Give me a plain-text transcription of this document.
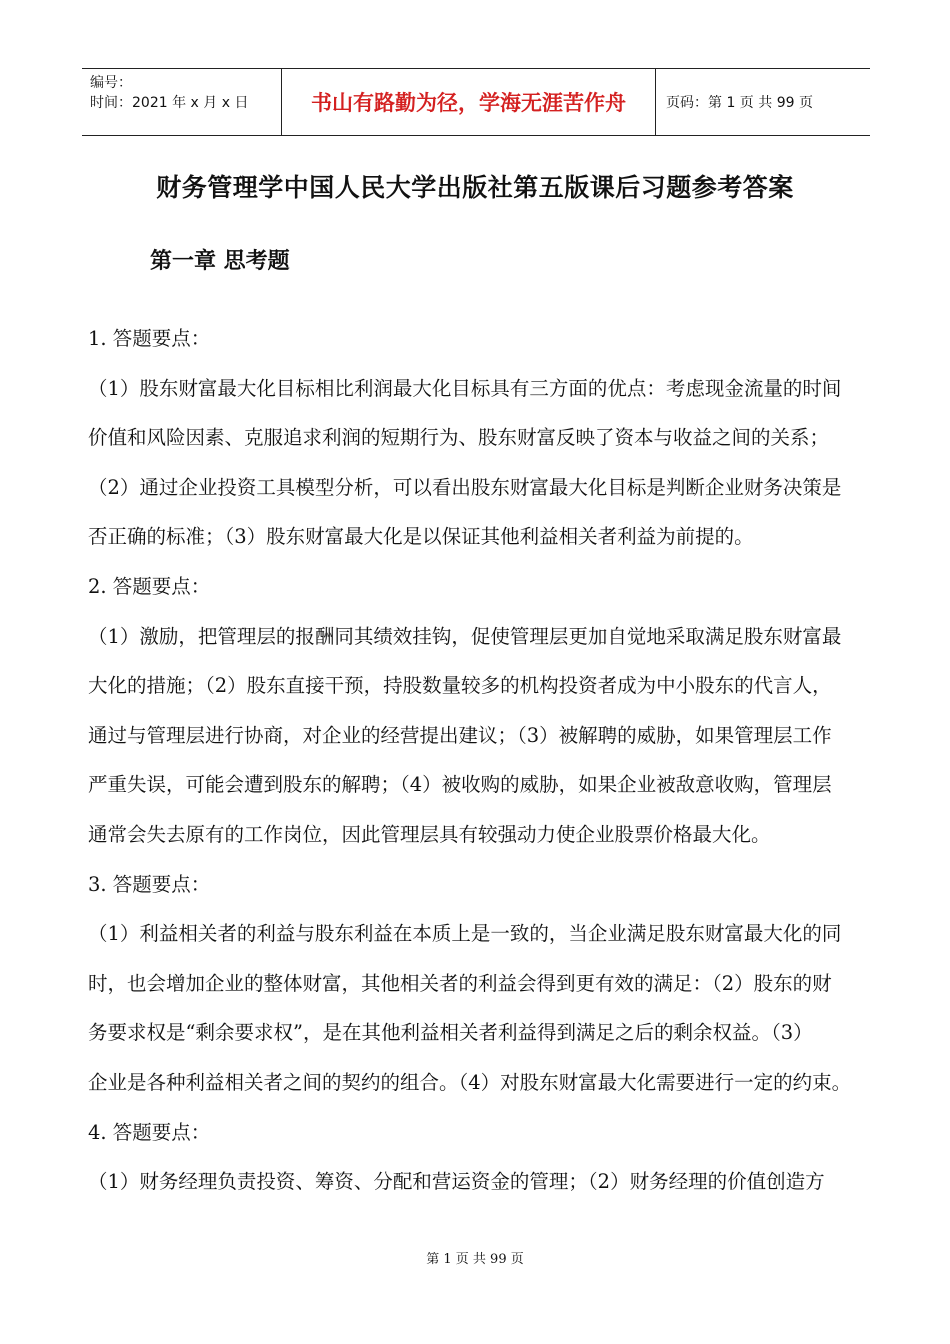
编号：
时间：2021 年 x 月 x 日	书山有路勤为径，学海无涯苦作舟	页码：第 1 页 共 99 页
财务管理学中国人民大学出版社第五版课后习题参考答案
第一章 思考题
1. 答题要点：
（1）股东财富最大化目标相比利润最大化目标具有三方面的优点：考虑现金流量的时间
价值和风险因素、克服追求利润的短期行为、股东财富反映了资本与收益之间的关系；
（2）通过企业投资工具模型分析，可以看出股东财富最大化目标是判断企业财务决策是
否正确的标准；（3）股东财富最大化是以保证其他利益相关者利益为前提的。
2. 答题要点：
（1）激励，把管理层的报酬同其绩效挂钩，促使管理层更加自觉地采取满足股东财富最
大化的措施；（2）股东直接干预，持股数量较多的机构投资者成为中小股东的代言人，
通过与管理层进行协商，对企业的经营提出建议；（3）被解聘的威胁，如果管理层工作
严重失误，可能会遭到股东的解聘；（4）被收购的威胁，如果企业被敌意收购，管理层
通常会失去原有的工作岗位，因此管理层具有较强动力使企业股票价格最大化。
3. 答题要点：
（1）利益相关者的利益与股东利益在本质上是一致的，当企业满足股东财富最大化的同
时，也会增加企业的整体财富，其他相关者的利益会得到更有效的满足：（2）股东的财
务要求权是“剩余要求权”，是在其他利益相关者利益得到满足之后的剩余权益。（3）
企业是各种利益相关者之间的契约的组合。（4）对股东财富最大化需要进行一定的约束。
4. 答题要点：
（1）财务经理负责投资、筹资、分配和营运资金的管理；（2）财务经理的价值创造方
第 1 页 共 99 页
